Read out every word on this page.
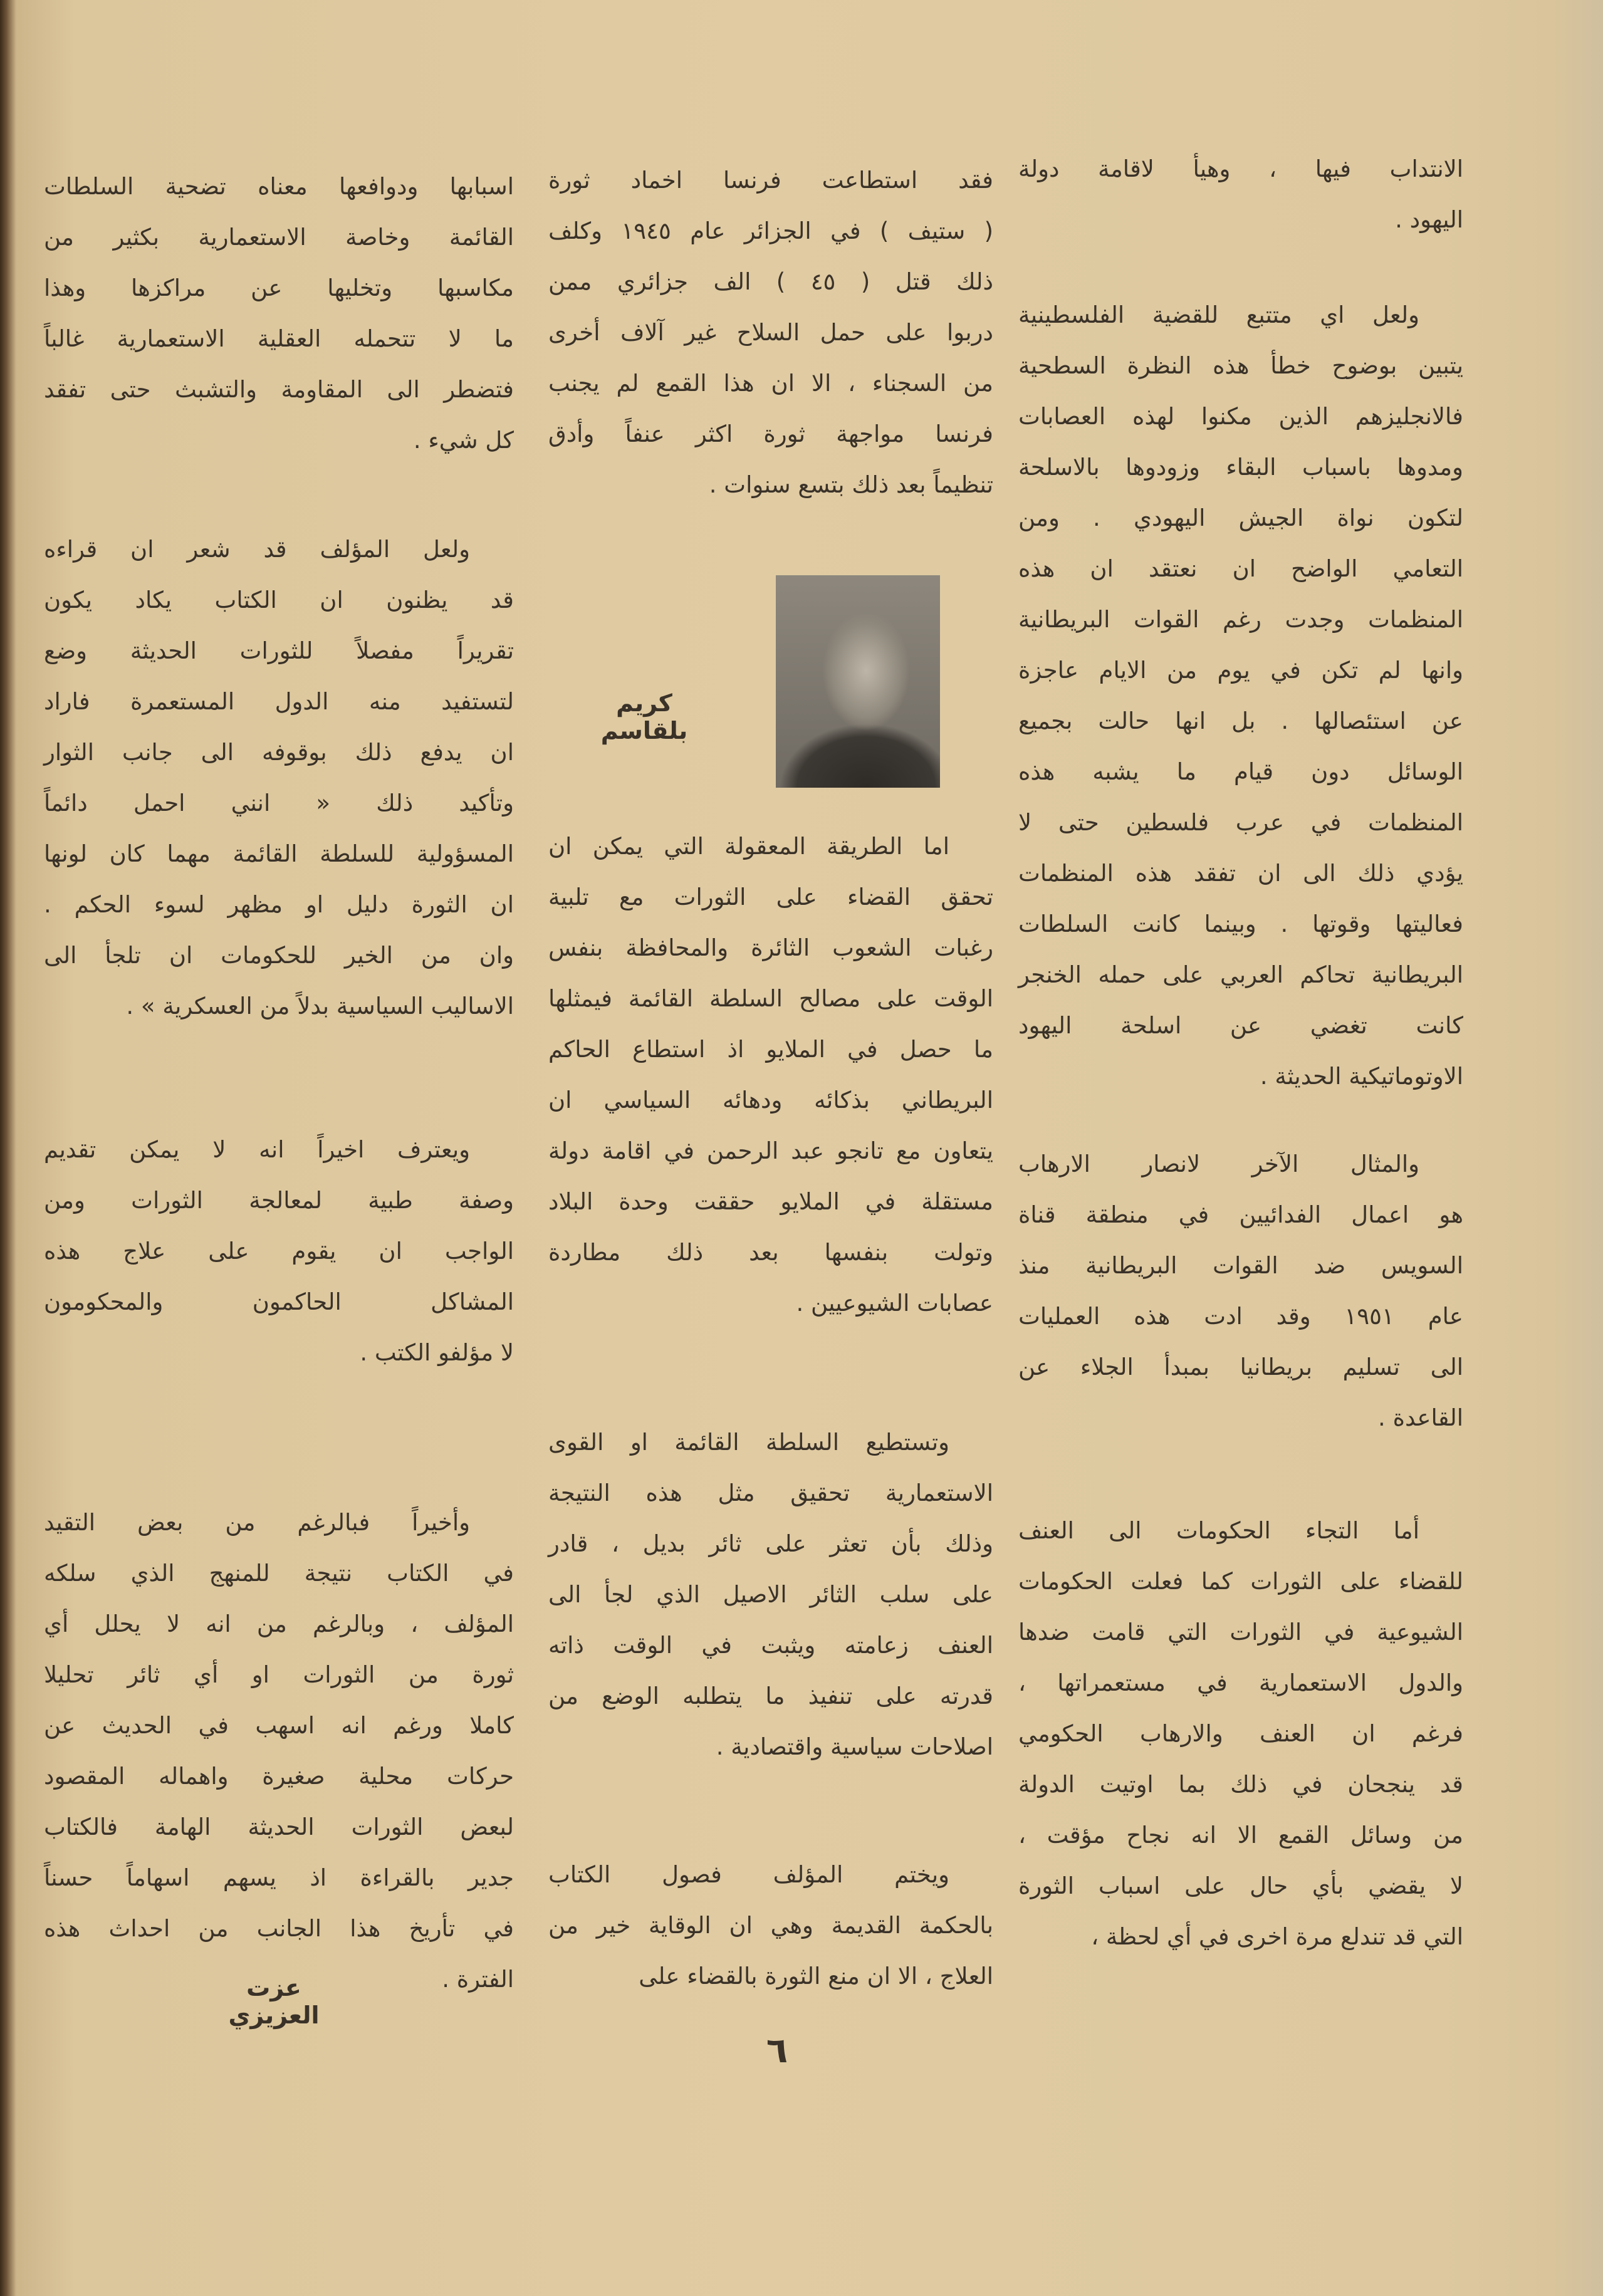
الانتداب فيها ، وهيأ لاقامة دولة
اليهود .
ولعل اي متتبع للقضية الفلسطينية
يتبين بوضوح خطأ هذه النظرة السطحية
فالانجليزهم الذين مكنوا لهذه العصابات
ومدوها باسباب البقاء وزودوها بالاسلحة
لتكون نواة الجيش اليهودي . ومن
التعامي الواضح ان نعتقد ان هذه
المنظمات وجدت رغم القوات البريطانية
وانها لم تكن في يوم من الايام عاجزة
عن استئصالها . بل انها حالت بجميع
الوسائل دون قيام ما يشبه هذه
المنظمات في عرب فلسطين حتى لا
يؤدي ذلك الى ان تفقد هذه المنظمات
فعاليتها وقوتها . وبينما كانت السلطات
البريطانية تحاكم العربي على حمله الخنجر
كانت تغضي عن اسلحة اليهود
الاوتوماتيكية الحديثة .
والمثال الآخر لانصار الارهاب
هو اعمال الفدائيين في منطقة قناة
السويس ضد القوات البريطانية منذ
عام ١٩٥١ وقد ادت هذه العمليات
الى تسليم بريطانيا بمبدأ الجلاء عن
القاعدة .
أما التجاء الحكومات الى العنف
للقضاء على الثورات كما فعلت الحكومات
الشيوعية في الثورات التي قامت ضدها
والدول الاستعمارية في مستعمراتها ،
فرغم ان العنف والارهاب الحكومي
قد ينجحان في ذلك بما اوتيت الدولة
من وسائل القمع الا انه نجاح مؤقت ،
لا يقضي بأي حال على اسباب الثورة
التي قد تندلع مرة اخرى في أي لحظة ،
فقد استطاعت فرنسا اخماد ثورة
( ستيف ) في الجزائر عام ١٩٤٥ وكلف
ذلك قتل ( ٤٥ ) الف جزائري ممن
دربوا على حمل السلاح غير آلاف أخرى
من السجناء ، الا ان هذا القمع لم يجنب
فرنسا مواجهة ثورة اكثر عنفاً وأدق
تنظيماً بعد ذلك بتسع سنوات .
اما الطريقة المعقولة التي يمكن ان
تحقق القضاء على الثورات مع تلبية
رغبات الشعوب الثائرة والمحافظة بنفس
الوقت على مصالح السلطة القائمة فيمثلها
ما حصل في الملايو اذ استطاع الحاكم
البريطاني بذكائه ودهائه السياسي ان
يتعاون مع تانجو عبد الرحمن في اقامة دولة
مستقلة في الملايو حققت وحدة البلاد
وتولت بنفسها بعد ذلك مطاردة
عصابات الشيوعيين .
وتستطيع السلطة القائمة او القوى
الاستعمارية تحقيق مثل هذه النتيجة
وذلك بأن تعثر على ثائر بديل ، قادر
على سلب الثائر الاصيل الذي لجأ الى
العنف زعامته ويثبت في الوقت ذاته
قدرته على تنفيذ ما يتطلبه الوضع من
اصلاحات سياسية واقتصادية .
ويختم المؤلف فصول الكتاب
بالحكمة القديمة وهي ان الوقاية خير من
العلاج ، الا ان منع الثورة بالقضاء على
اسبابها ودوافعها معناه تضحية السلطات
القائمة وخاصة الاستعمارية بكثير من
مكاسبها وتخليها عن مراكزها وهذا
ما لا تتحمله العقلية الاستعمارية غالباً
فتضطر الى المقاومة والتشبث حتى تفقد
كل شيء .
ولعل المؤلف قد شعر ان قراءه
قد يظنون ان الكتاب يكاد يكون
تقريراً مفصلاً للثورات الحديثة وضع
لتستفيد منه الدول المستعمرة فاراد
ان يدفع ذلك بوقوفه الى جانب الثوار
وتأكيد ذلك « انني احمل دائماً
المسؤولية للسلطة القائمة مهما كان لونها
ان الثورة دليل او مظهر لسوء الحكم .
وان من الخير للحكومات ان تلجأ الى
الاساليب السياسية بدلاً من العسكرية » .
ويعترف اخيراً انه لا يمكن تقديم
وصفة طبية لمعالجة الثورات ومن
الواجب ان يقوم على علاج هذه
المشاكل الحاكمون والمحكومون
لا مؤلفو الكتب .
وأخيراً فبالرغم من بعض التقيد
في الكتاب نتيجة للمنهج الذي سلكه
المؤلف ، وبالرغم من انه لا يحلل أي
ثورة من الثورات او أي ثائر تحليلا
كاملا ورغم انه اسهب في الحديث عن
حركات محلية صغيرة واهماله المقصود
لبعض الثورات الحديثة الهامة فالكتاب
جدير بالقراءة اذ يسهم اسهاماً حسناً
في تأريخ هذا الجانب من احداث هذه
الفترة .
كريم بلقاسم
عزت العزيزي
٦
